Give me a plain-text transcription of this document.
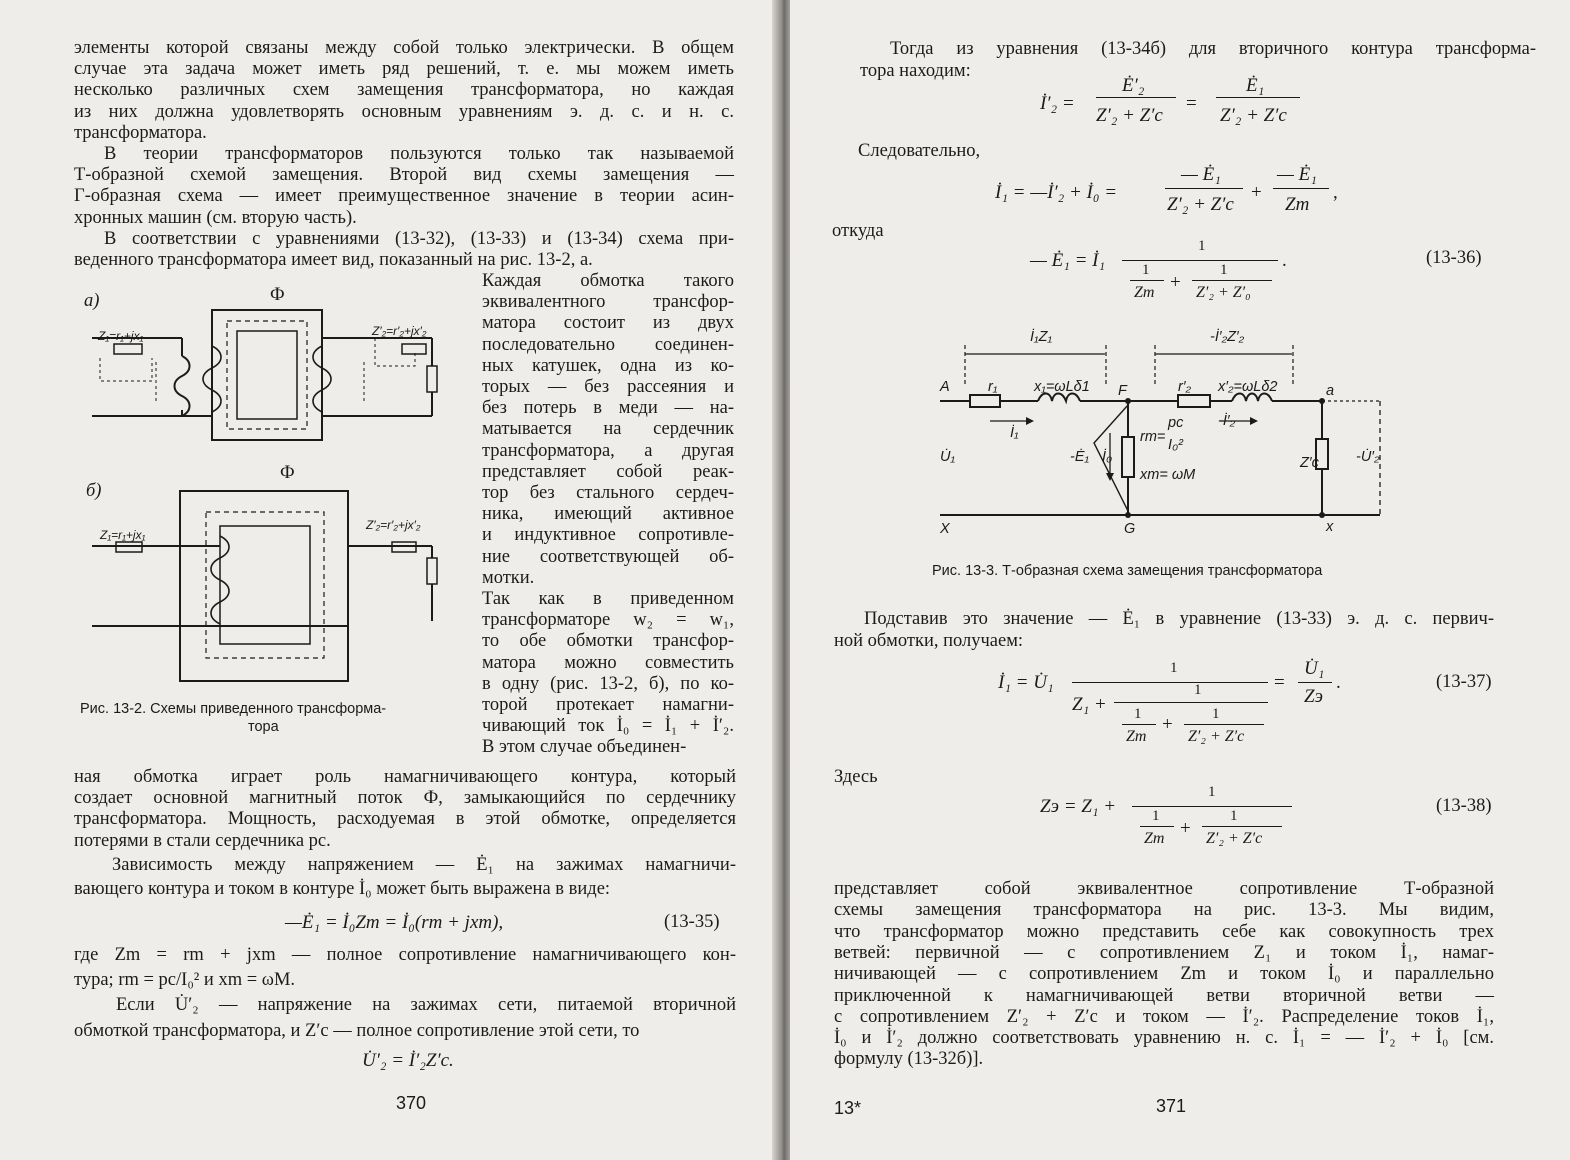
элементы которой связаны между собой только электрически. В общем
случае эта задача может иметь ряд решений, т. е. мы можем иметь
несколько различных схем замещения трансформатора, но каждая
из них должна удовлетворять основным уравнениям э. д. с. и н. с.
трансформатора.
В теории трансформаторов пользуются только так называемой
Т-образной схемой замещения. Второй вид схемы замещения —
Г-образная схема — имеет преимущественное значение в теории асин-
хронных машин (см. вторую часть).
В соответствии с уравнениями (13-32), (13-33) и (13-34) схема при-
веденного трансформатора имеет вид, показанный на рис. 13-2, а.
Каждая обмотка такого
эквивалентного трансфор-
матора состоит из двух
последовательно соединен-
ных катушек, одна из ко-
торых — без рассеяния и
без потерь в меди — на-
матывается на сердечник
трансформатора, а другая
представляет собой реак-
тор без стального сердеч-
ника, имеющий активное
и индуктивное сопротивле-
ние соответствующей об-
мотки.
Так как в приведенном
трансформаторе w₂ = w₁,
то обе обмотки трансфор-
матора можно совместить
в одну (рис. 13-2, б), по ко-
торой протекает намагни-
чивающий ток İ₀ = İ₁ + İ′₂.
В этом случае объединен-
а)
б)
Ф
Ф
Z₁=r₁+jx₁	Z′₂=r′₂+jx′₂
Z₁=r₁+jx₁
Z′₂=r′₂+jx′₂
Рис. 13-2. Схемы приведенного трансформа-
тора
ная обмотка играет роль намагничивающего контура, который
создает основной магнитный поток Ф, замыкающийся по сердечнику
трансформатора. Мощность, расходуемая в этой обмотке, определяется
потерями в стали сердечника pс.
Зависимость между напряжением — Ė₁ на зажимах намагничи-
вающего контура и током в контуре İ₀ может быть выражена в виде:
—Ė₁ = İ₀Zm = İ₀(rm + jxm),	(13-35)
где Zm = rm + jxm — полное сопротивление намагничивающего кон-
тура; rm = pс/I₀² и xm = ωM.
Если U̇′₂ — напряжение на зажимах сети, питаемой вторичной
обмоткой трансформатора, и Z′с — полное сопротивление этой сети, то
U̇′₂ = İ′₂Z′с.
370
Тогда из уравнения (13-34б) для вторичного контура трансформа-
тора находим:
İ′₂ =
Ė′₂
Z′₂ + Z′с
=
Ė₁
Z′₂ + Z′с
Следовательно,
İ₁ = —İ′₂ + İ₀ =
— Ė₁
Z′₂ + Z′с
+
— Ė₁
Zm
,
откуда
— Ė₁ = İ₁
1
1
Zm +
1
Z′₂ + Z′₀
.	(13-36)
İ₁Z₁	-İ′₂Z′₂
A	r₁	x₁=ωLδ1 F	r′₂ x′₂=ωLδ2	a
İ₁	rm=
pc
I₀²
-İ′₂
-Ė₁ İ₀
U̇₁
xm= ωM
Z′c	-U̇′₂
X	G	x
Рис. 13-3. Т-образная схема замещения трансформатора
Подставив это значение — Ė₁ в уравнение (13-33) э. д. с. первич-
ной обмотки, получаем:
İ₁ = U̇₁
1
Z₁ +
1
1
Zm
+	1
Z′₂ + Z′с
=
U̇₁
Zэ
.	(13-37)
Здесь
Zэ = Z₁ +
1
1
Zm +
1
Z′₂ + Z′с
(13-38)
представляет собой эквивалентное сопротивление Т-образной
схемы замещения трансформатора на рис. 13-3. Мы видим,
что трансформатор можно представить себе как совокупность трех
ветвей: первичной — с сопротивлением Z₁ и током İ₁, намаг-
ничивающей — с сопротивлением Zm и током İ₀ и параллельно
приключенной к намагничивающей ветви вторичной ветви —
с сопротивлением Z′₂ + Z′с и током — İ′₂. Распределение токов İ₁,
İ₀ и İ′₂ должно соответствовать уравнению н. с. İ₁ = — İ′₂ + İ₀ [см.
формулу (13-32б)].
13*	371
